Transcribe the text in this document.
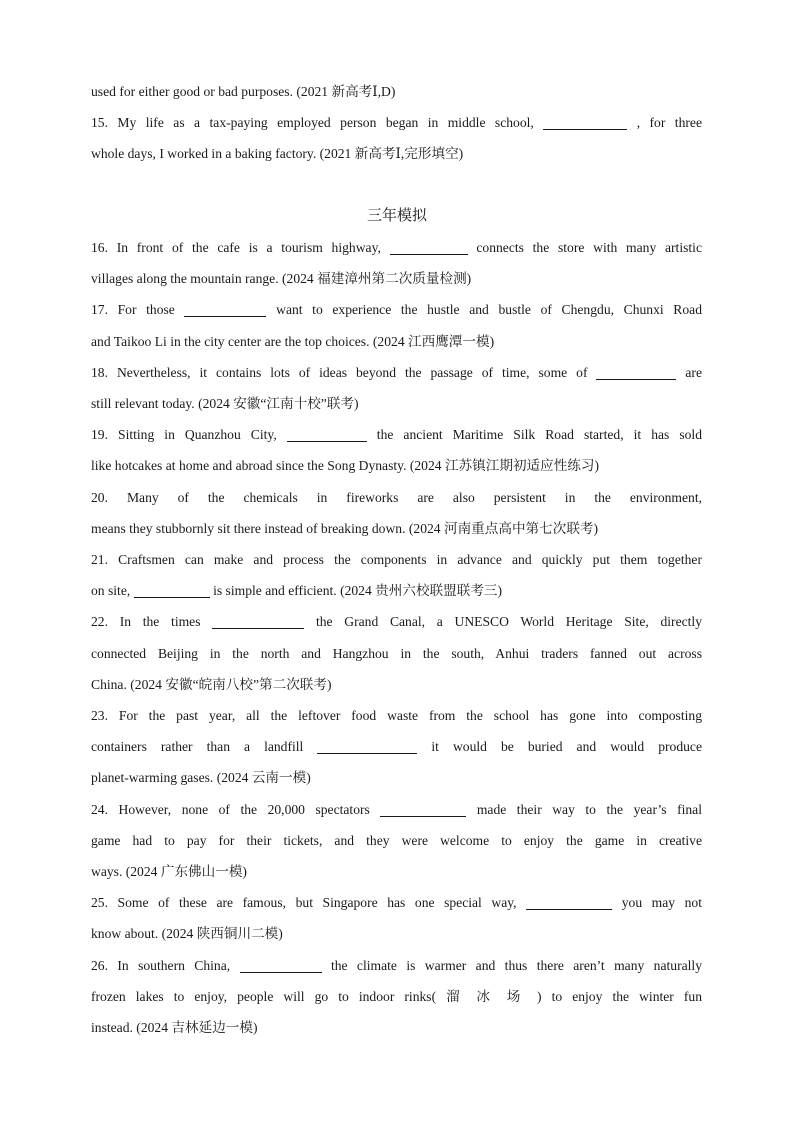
三年模拟
used for either good or bad purposes. (2021 新高考Ⅰ,D)
15. My life as a tax-paying employed person began in middle school,	, for three
whole days, I worked in a baking factory. (2021 新高考Ⅰ,完形填空)
16. In front of the cafe is a tourism highway,	connects the store with many artistic
villages along the mountain range. (2024 福建漳州第二次质量检测)
17. For those	want to experience the hustle and bustle of Chengdu, Chunxi Road
and Taikoo Li in the city center are the top choices. (2024 江西鹰潭一模)
18. Nevertheless, it contains lots of ideas beyond the passage of time, some of	are
still relevant today. (2024 安徽“江南十校”联考)
19. Sitting in Quanzhou City,	the ancient Maritime Silk Road started, it has sold
like hotcakes at home and abroad since the Song Dynasty. (2024 江苏镇江期初适应性练习)
20. Many of the chemicals in fireworks are also persistent in the environment,
means they stubbornly sit there instead of breaking down. (2024 河南重点高中第七次联考)
21. Craftsmen can make and process the components in advance and quickly put them together
on site,	is simple and efficient. (2024 贵州六校联盟联考三)
22. In the times	the Grand Canal, a UNESCO World Heritage Site, directly
connected Beijing in the north and Hangzhou in the south, Anhui traders fanned out across
China. (2024 安徽“皖南八校”第二次联考)
23. For the past year, all the leftover food waste from the school has gone into composting
containers rather than a landfill	it would be buried and would produce
planet-warming gases. (2024 云南一模)
24. However, none of the 20,000 spectators	made their way to the year’s final
game had to pay for their tickets, and they were welcome to enjoy the game in creative
ways. (2024 广东佛山一模)
25. Some of these are famous, but Singapore has one special way,	you may not
know about. (2024 陕西铜川二模)
26. In southern China,	the climate is warmer and thus there aren’t many naturally
frozen lakes to enjoy, people will go to indoor rinks( 溜 冰 场 ) to enjoy the winter fun
instead. (2024 吉林延边一模)
